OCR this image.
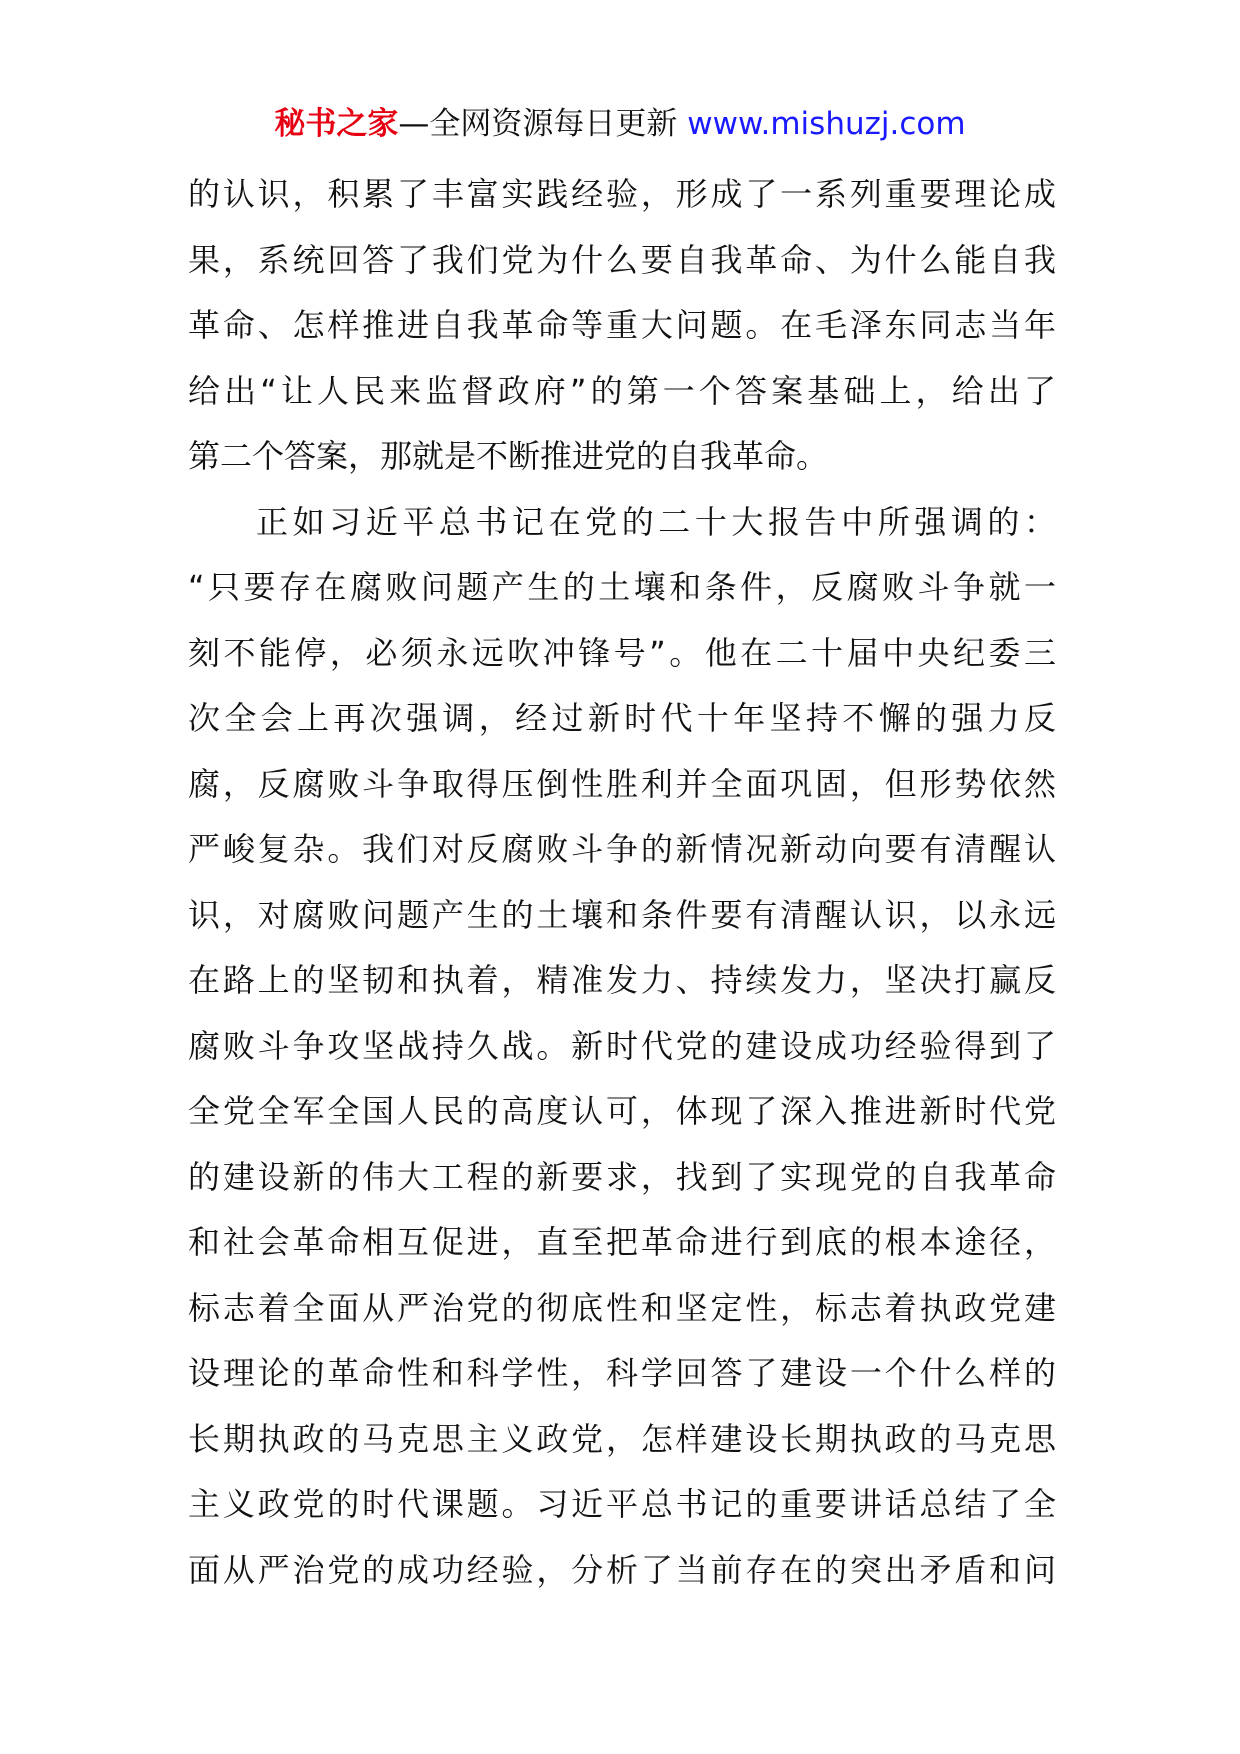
秘书之家—全网资源每日更新 www.mishuzj.com
的认识，积累了丰富实践经验，形成了一系列重要理论成
果，系统回答了我们党为什么要自我革命、为什么能自我
革命、怎样推进自我革命等重大问题。在毛泽东同志当年
给出“让人民来监督政府”的第一个答案基础上，给出了
第二个答案，那就是不断推进党的自我革命。
正如习近平总书记在党的二十大报告中所强调的：
“只要存在腐败问题产生的土壤和条件，反腐败斗争就一
刻不能停，必须永远吹冲锋号”。他在二十届中央纪委三
次全会上再次强调，经过新时代十年坚持不懈的强力反
腐，反腐败斗争取得压倒性胜利并全面巩固，但形势依然
严峻复杂。我们对反腐败斗争的新情况新动向要有清醒认
识，对腐败问题产生的土壤和条件要有清醒认识，以永远
在路上的坚韧和执着，精准发力、持续发力，坚决打赢反
腐败斗争攻坚战持久战。新时代党的建设成功经验得到了
全党全军全国人民的高度认可，体现了深入推进新时代党
的建设新的伟大工程的新要求，找到了实现党的自我革命
和社会革命相互促进，直至把革命进行到底的根本途径，
标志着全面从严治党的彻底性和坚定性，标志着执政党建
设理论的革命性和科学性，科学回答了建设一个什么样的
长期执政的马克思主义政党，怎样建设长期执政的马克思
主义政党的时代课题。习近平总书记的重要讲话总结了全
面从严治党的成功经验，分析了当前存在的突出矛盾和问
